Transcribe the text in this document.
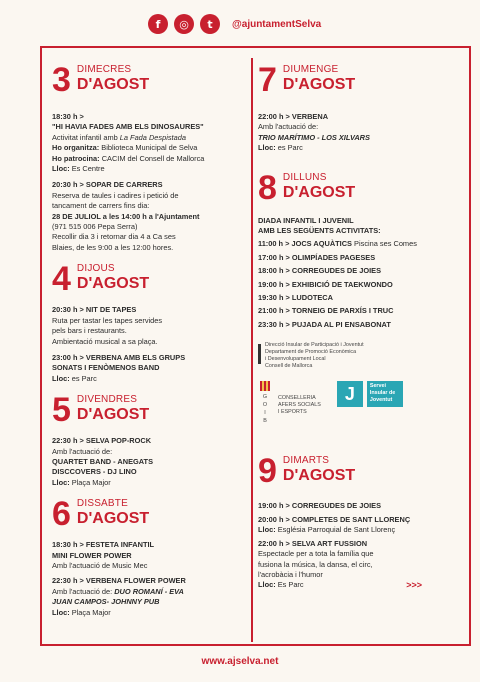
f	◎	t	@ajuntamentSelva
3 DIMECRES
D'AGOST
18:30 h >
"HI HAVIA FADES AMB ELS DINOSAURES"
Activitat infantil amb La Fada Despistada
Ho organitza: Biblioteca Municipal de Selva
Ho patrocina: CACIM del Consell de Mallorca
Lloc: Es Centre
20:30 h > SOPAR DE CARRERS
Reserva de taules i cadires i petició de
tancament de carrers fins dia:
28 DE JULIOL a les 14:00 h a l'Ajuntament
(971 515 006 Pepa Serra)
Recollir dia 3 i retornar dia 4 a Ca ses
Blaies, de les 9:00 a les 12:00 hores.
4 DIJOUS
D'AGOST
20:30 h > NIT DE TAPES
Ruta per tastar les tapes servides
pels bars i restaurants.
Ambientació musical a sa plaça.
23:00 h > VERBENA AMB ELS GRUPS
SONATS I FENÒMENOS BAND
Lloc: es Parc
5 DIVENDRES
D'AGOST
22:30 h > SELVA POP-ROCK
Amb l'actuació de:
QUARTET BAND - ANEGATS
DISCCOVERS - DJ LINO
Lloc: Plaça Major
6 DISSABTE
D'AGOST
18:30 h > FESTETA INFANTIL
MINI FLOWER POWER
Amb l'actuació de Music Mec
22:30 h > VERBENA FLOWER POWER
Amb l'actuació de: DUO ROMANÍ - EVA
JUAN CAMPOS- JOHNNY PUB
Lloc: Plaça Major
7 DIUMENGE
D'AGOST
22:00 h > VERBENA
Amb l'actuació de:
TRIO MARÍTIMO - LOS XILVARS
Lloc: es Parc
8 DILLUNS
D'AGOST
DIADA INFANTIL I JUVENIL
AMB LES SEGÜENTS ACTIVITATS:
11:00 h > JOCS AQUÀTICS Piscina ses Comes
17:00 h > OLIMPÍADES PAGESES
18:00 h > CORREGUDES DE JOIES
19:00 h > EXHIBICIÓ DE TAEKWONDO
19:30 h > LUDOTECA
21:00 h > TORNEIG DE PARXÍS I TRUC
23:30 h > PUJADA AL PI ENSABONAT
Direcció Insular de Participació i Joventut
Departament de Promoció Econòmica
i Desenvolupament Local
Consell de Mallorca
G O I B
CONSELLERIA
AFERS SOCIALS
I ESPORTS
J	Servei
Insular de
Joventut
9 DIMARTS
D'AGOST
19:00 h > CORREGUDES DE JOIES
20:00 h > COMPLETES DE SANT LLORENÇ
Lloc: Església Parroquial de Sant Llorenç
22:00 h > SELVA ART FUSSION
Espectacle per a tota la família que
fusiona la música, la dansa, el circ,
l'acrobàcia i l'humor
Lloc: Es Parc	>>>
www.ajselva.net
